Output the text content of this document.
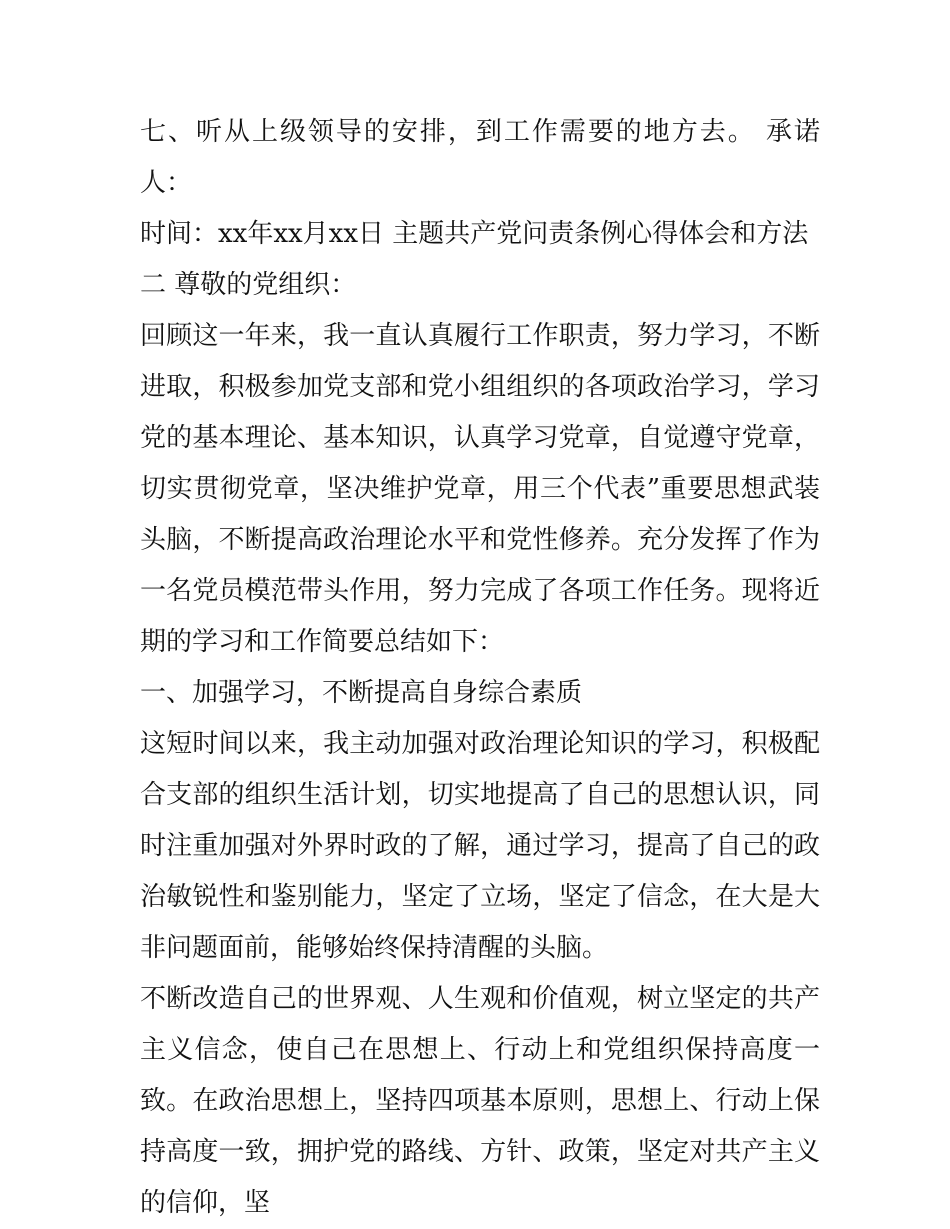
七、听从上级领导的安排，到工作需要的地方去。 承诺人：

时间：xx年xx月xx日 主题共产党问责条例心得体会和方法

二 尊敬的党组织：

回顾这一年来，我一直认真履行工作职责，努力学习，不断进取，积极参加党支部和党小组组织的各项政治学习，学习党的基本理论、基本知识，认真学习党章，自觉遵守党章，切实贯彻党章，坚决维护党章，用三个代表”重要思想武装头脑，不断提高政治理论水平和党性修养。充分发挥了作为一名党员模范带头作用，努力完成了各项工作任务。现将近期的学习和工作简要总结如下：

一、加强学习，不断提高自身综合素质

这短时间以来，我主动加强对政治理论知识的学习，积极配合支部的组织生活计划，切实地提高了自己的思想认识，同时注重加强对外界时政的了解，通过学习，提高了自己的政治敏锐性和鉴别能力，坚定了立场，坚定了信念，在大是大非问题面前，能够始终保持清醒的头脑。

不断改造自己的世界观、人生观和价值观，树立坚定的共产主义信念，使自己在思想上、行动上和党组织保持高度一致。在政治思想上，坚持四项基本原则，思想上、行动上保持高度一致，拥护党的路线、方针、政策，坚定对共产主义的信仰，坚
